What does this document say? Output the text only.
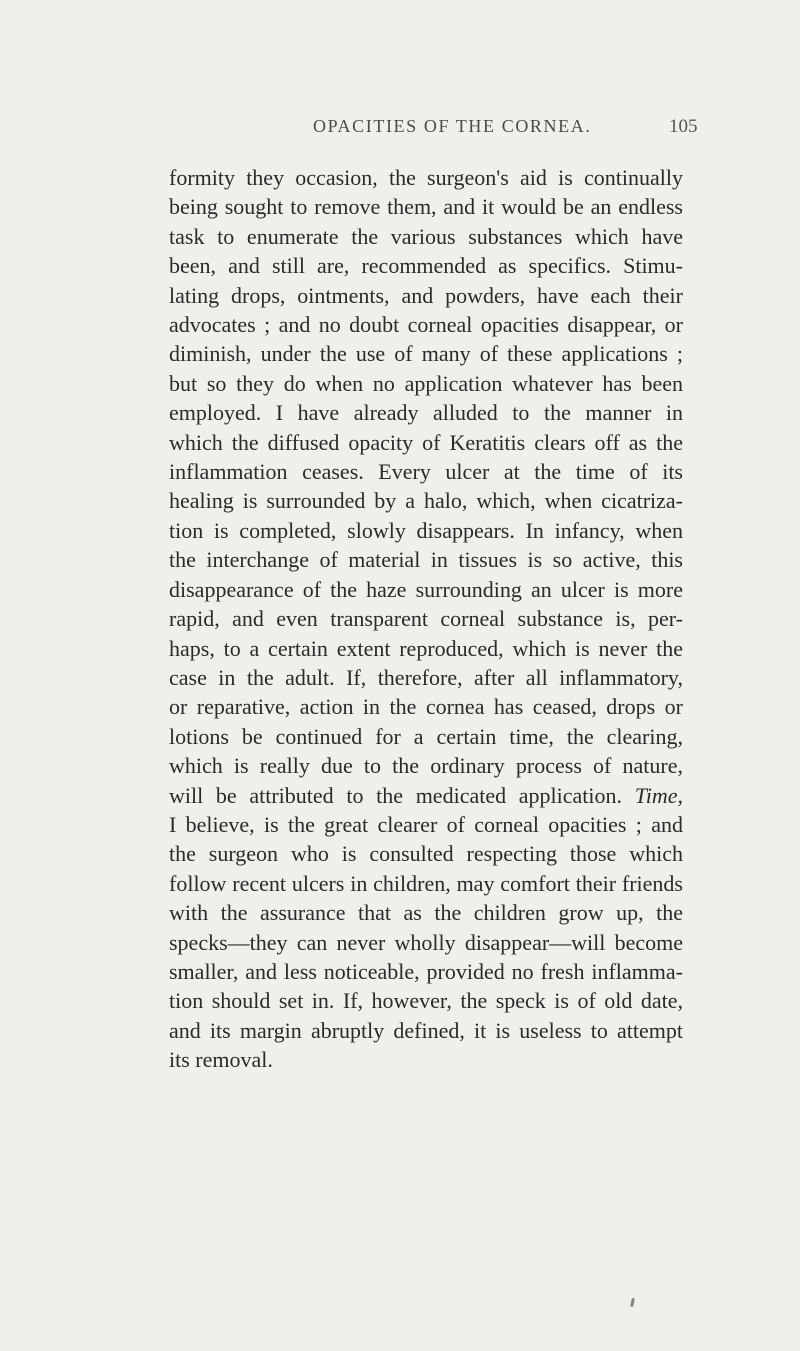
OPACITIES OF THE CORNEA.	105
formity they occasion, the surgeon's aid is continually
being sought to remove them, and it would be an endless
task to enumerate the various substances which have
been, and still are, recommended as specifics. Stimu-
lating drops, ointments, and powders, have each their
advocates ; and no doubt corneal opacities disappear, or
diminish, under the use of many of these applications ;
but so they do when no application whatever has been
employed. I have already alluded to the manner in
which the diffused opacity of Keratitis clears off as the
inflammation ceases. Every ulcer at the time of its
healing is surrounded by a halo, which, when cicatriza-
tion is completed, slowly disappears. In infancy, when
the interchange of material in tissues is so active, this
disappearance of the haze surrounding an ulcer is more
rapid, and even transparent corneal substance is, per-
haps, to a certain extent reproduced, which is never the
case in the adult. If, therefore, after all inflammatory,
or reparative, action in the cornea has ceased, drops or
lotions be continued for a certain time, the clearing,
which is really due to the ordinary process of nature,
will be attributed to the medicated application. Time,
I believe, is the great clearer of corneal opacities ; and
the surgeon who is consulted respecting those which
follow recent ulcers in children, may comfort their friends
with the assurance that as the children grow up, the
specks—they can never wholly disappear—will become
smaller, and less noticeable, provided no fresh inflamma-
tion should set in. If, however, the speck is of old date,
and its margin abruptly defined, it is useless to attempt
its removal.
